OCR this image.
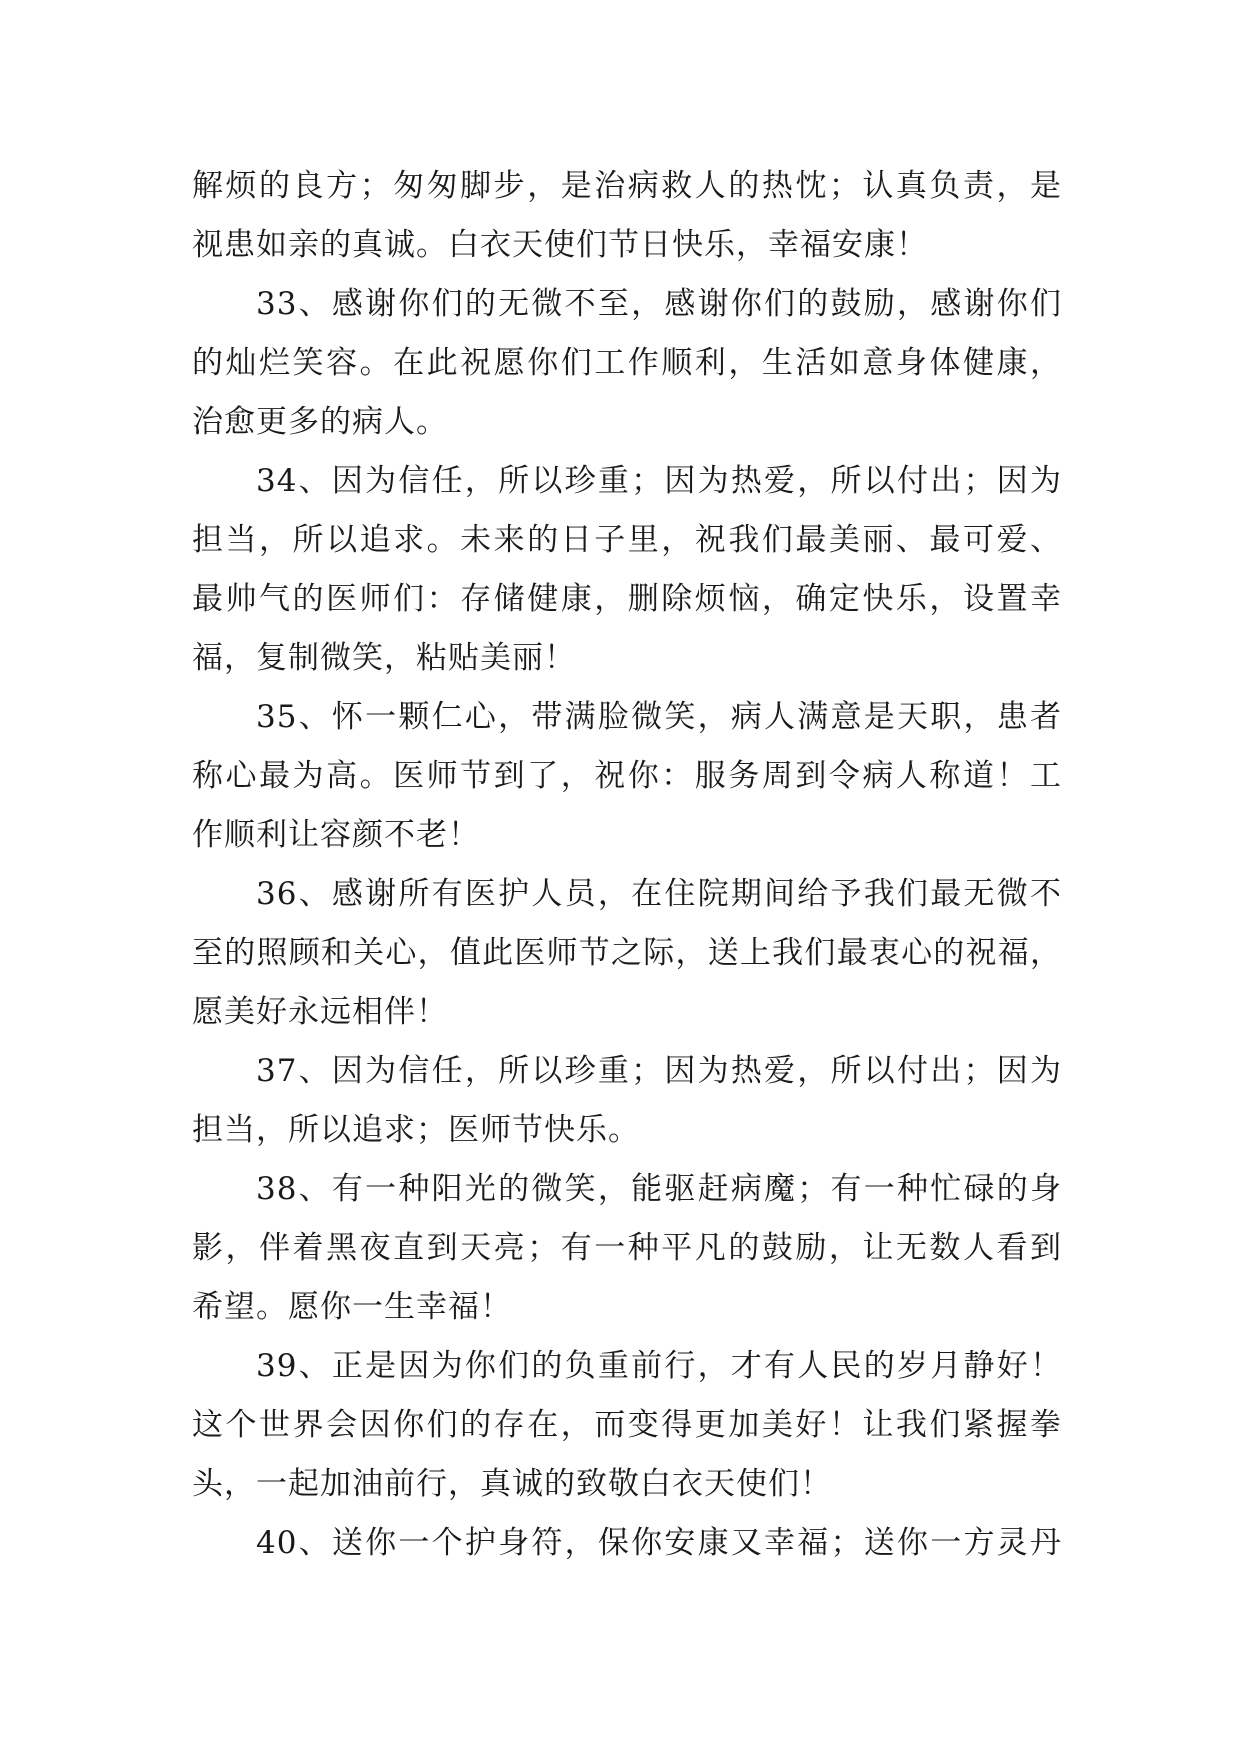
解烦的良方；匆匆脚步，是治病救人的热忱；认真负责，是
视患如亲的真诚。白衣天使们节日快乐，幸福安康！
33、感谢你们的无微不至，感谢你们的鼓励，感谢你们
的灿烂笑容。在此祝愿你们工作顺利，生活如意身体健康，
治愈更多的病人。
34、因为信任，所以珍重；因为热爱，所以付出；因为
担当，所以追求。未来的日子里，祝我们最美丽、最可爱、
最帅气的医师们：存储健康，删除烦恼，确定快乐，设置幸
福，复制微笑，粘贴美丽！
35、怀一颗仁心，带满脸微笑，病人满意是天职，患者
称心最为高。医师节到了，祝你：服务周到令病人称道！工
作顺利让容颜不老！
36、感谢所有医护人员，在住院期间给予我们最无微不
至的照顾和关心，值此医师节之际，送上我们最衷心的祝福，
愿美好永远相伴！
37、因为信任，所以珍重；因为热爱，所以付出；因为
担当，所以追求；医师节快乐。
38、有一种阳光的微笑，能驱赶病魔；有一种忙碌的身
影，伴着黑夜直到天亮；有一种平凡的鼓励，让无数人看到
希望。愿你一生幸福！
39、正是因为你们的负重前行，才有人民的岁月静好！
这个世界会因你们的存在，而变得更加美好！让我们紧握拳
头，一起加油前行，真诚的致敬白衣天使们！
40、送你一个护身符，保你安康又幸福；送你一方灵丹
